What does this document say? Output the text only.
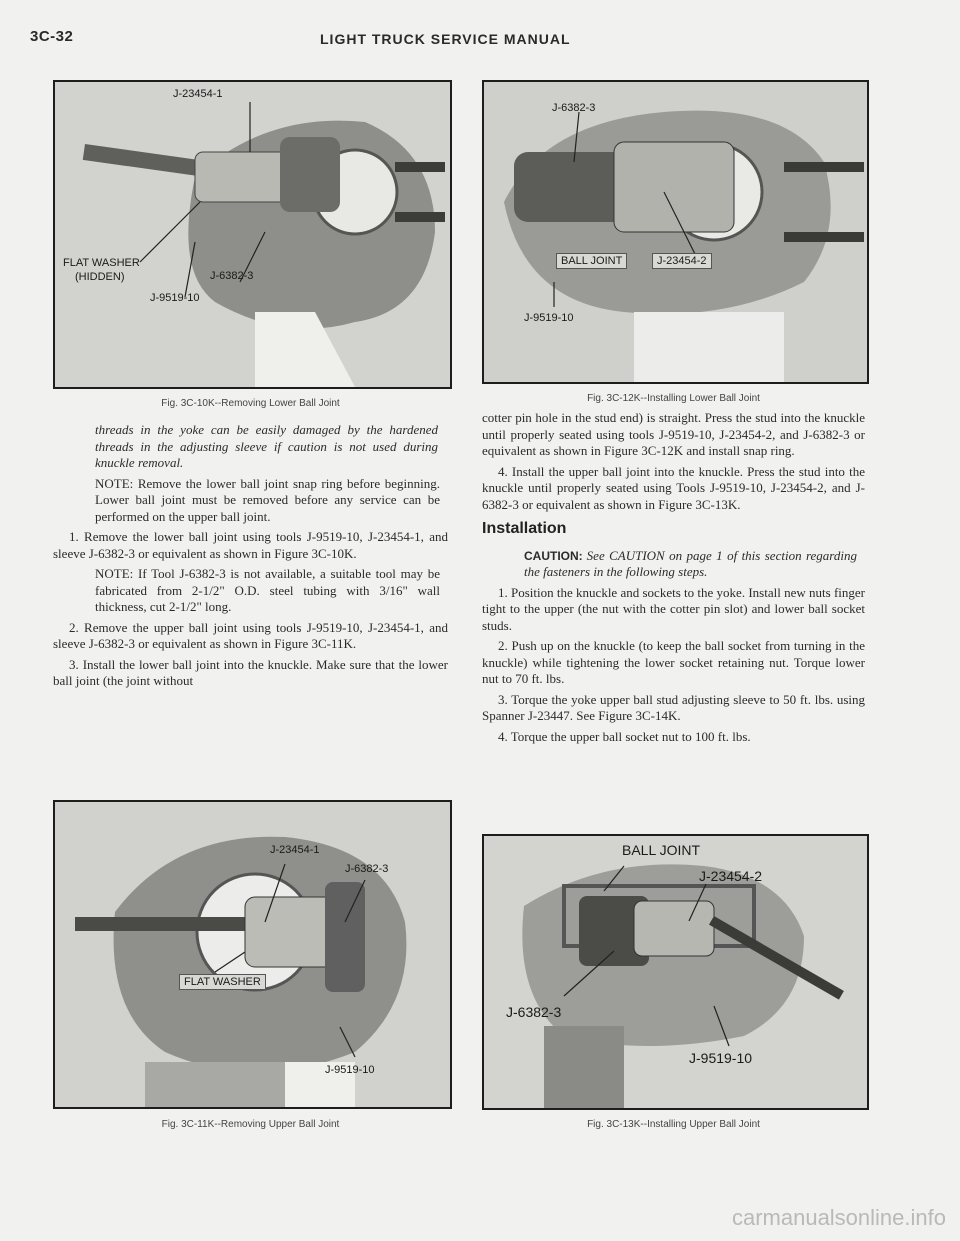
3C-32	LIGHT TRUCK SERVICE MANUAL
J-23454-1
FLAT WASHER
(HIDDEN)	J-6382-3
J-9519-10
Fig. 3C-10K--Removing Lower Ball Joint
J-6382-3
BALL JOINT	J-23454-2
J-9519-10
Fig. 3C-12K--Installing Lower Ball Joint

threads in the yoke can be easily damaged by the hardened threads in the adjusting sleeve if caution is not used during knuckle removal.

NOTE: Remove the lower ball joint snap ring before beginning. Lower ball joint must be removed before any service can be performed on the upper ball joint.

1. Remove the lower ball joint using tools J-9519-10, J-23454-1, and sleeve J-6382-3 or equivalent as shown in Figure 3C-10K.

NOTE: If Tool J-6382-3 is not available, a suitable tool may be fabricated from 2-1/2" O.D. steel tubing with 3/16" wall thickness, cut 2-1/2" long.

2. Remove the upper ball joint using tools J-9519-10, J-23454-1, and sleeve J-6382-3 or equivalent as shown in Figure 3C-11K.

3. Install the lower ball joint into the knuckle. Make sure that the lower ball joint (the joint without

cotter pin hole in the stud end) is straight. Press the stud into the knuckle until properly seated using tools J-9519-10, J-23454-2, and J-6382-3 or equivalent as shown in Figure 3C-12K and install snap ring.

4. Install the upper ball joint into the knuckle. Press the stud into the knuckle until properly seated using Tools J-9519-10, J-23454-2, and J-6382-3 or equivalent as shown in Figure 3C-13K.

Installation

CAUTION: See CAUTION on page 1 of this section regarding the fasteners in the following steps.

1. Position the knuckle and sockets to the yoke. Install new nuts finger tight to the upper (the nut with the cotter pin slot) and lower ball socket studs.

2. Push up on the knuckle (to keep the ball socket from turning in the knuckle) while tightening the lower socket retaining nut. Torque lower nut to 70 ft. lbs.

3. Torque the yoke upper ball stud adjusting sleeve to 50 ft. lbs. using Spanner J-23447. See Figure 3C-14K.

4. Torque the upper ball socket nut to 100 ft. lbs.

J-23454-1
J-6382-3
FLAT WASHER
J-9519-10
Fig. 3C-11K--Removing Upper Ball Joint
BALL JOINT
J-23454-2
J-6382-3
J-9519-10
Fig. 3C-13K--Installing Upper Ball Joint
carmanualsonline.info
